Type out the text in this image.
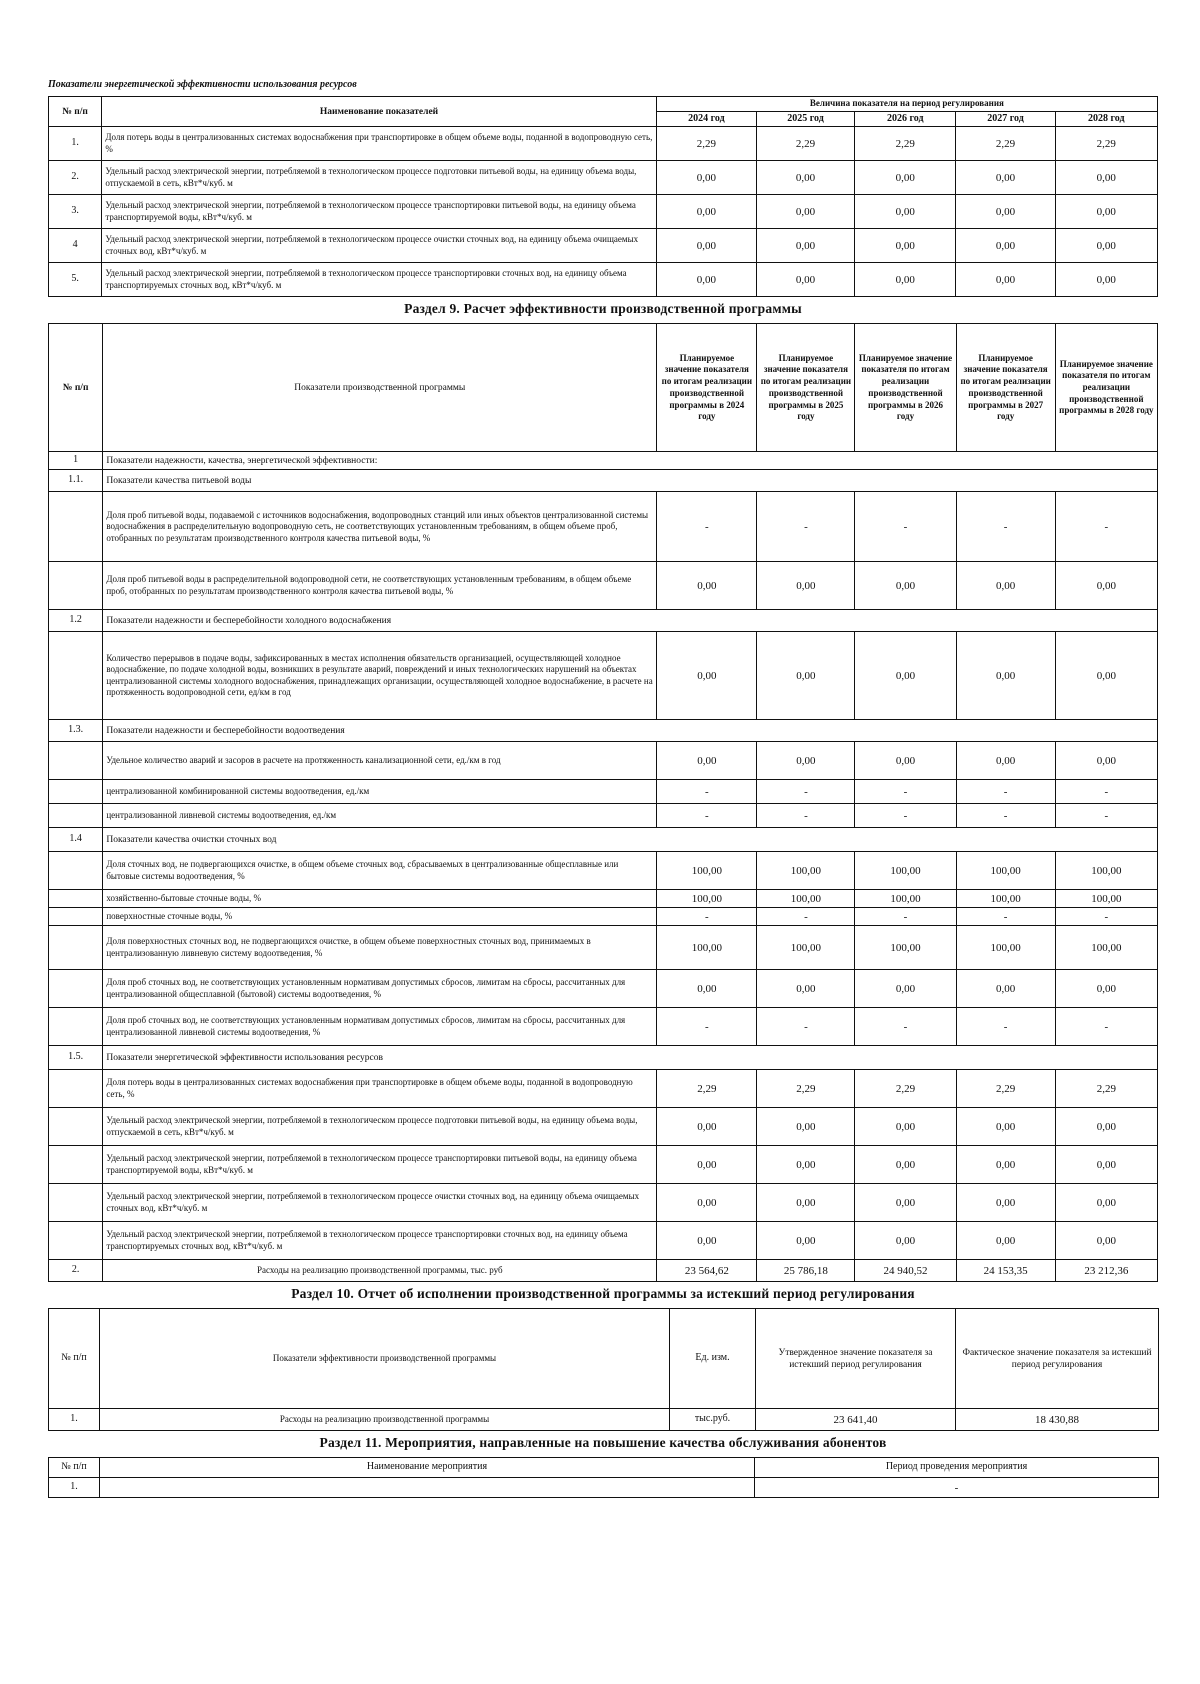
Показатели энергетической эффективности использования ресурсов
№ п/п	Наименование показателей	Величина показателя на период регулирования				
		2024 год	2025 год	2026 год	2027 год	2028 год
1.	Доля потерь воды в централизованных системах водоснабжения при транспортировке в общем объеме воды, поданной в водопроводную сеть, %	2,29	2,29	2,29	2,29	2,29
2.	Удельный расход электрической энергии, потребляемой в технологическом процессе подготовки питьевой воды, на единицу объема воды, отпускаемой в сеть, кВт*ч/куб. м	0,00	0,00	0,00	0,00	0,00
3.	Удельный расход электрической энергии, потребляемой в технологическом процессе транспортировки питьевой воды, на единицу объема транспортируемой воды, кВт*ч/куб. м	0,00	0,00	0,00	0,00	0,00
4	Удельный расход электрической энергии, потребляемой в технологическом процессе очистки сточных вод, на единицу объема очищаемых сточных вод, кВт*ч/куб. м	0,00	0,00	0,00	0,00	0,00
5.	Удельный расход электрической энергии, потребляемой в технологическом процессе транспортировки сточных вод, на единицу объема транспортируемых сточных вод, кВт*ч/куб. м	0,00	0,00	0,00	0,00	0,00
Раздел 9. Расчет эффективности производственной программы
№ п/п	Показатели производственной программы	Планируемое значение показателя по итогам реализации производственной программы в 2024 году	Планируемое значение показателя по итогам реализации производственной программы в 2025 году	Планируемое значение показателя по итогам реализации производственной программы в 2026 году	Планируемое значение показателя по итогам реализации производственной программы в 2027 году	Планируемое значение показателя по итогам реализации производственной программы в 2028 году
1	Показатели надежности, качества, энергетической эффективности:					
1.1.	Показатели качества питьевой воды					
	Доля проб питьевой воды, подаваемой с источников водоснабжения, водопроводных станций или иных объектов централизованной системы водоснабжения в распределительную водопроводную сеть, не соответствующих установленным требованиям, в общем объеме проб, отобранных по результатам производственного контроля качества питьевой воды, %	-	-	-	-	-
	Доля проб питьевой воды в распределительной водопроводной сети, не соответствующих установленным требованиям, в общем объеме проб, отобранных по результатам производственного контроля качества питьевой воды, %	0,00	0,00	0,00	0,00	0,00
1.2	Показатели надежности и бесперебойности холодного водоснабжения					
	Количество перерывов в подаче воды, зафиксированных в местах исполнения обязательств организацией, осуществляющей холодное водоснабжение, по подаче холодной воды, возникших в результате аварий, повреждений и иных технологических нарушений на объектах централизованной системы холодного водоснабжения, принадлежащих организации, осуществляющей холодное водоснабжение, в расчете на протяженность водопроводной сети, ед/км в год	0,00	0,00	0,00	0,00	0,00
1.3.	Показатели надежности и бесперебойности водоотведения					
	Удельное количество аварий и засоров в расчете на протяженность канализационной сети, ед./км в год	0,00	0,00	0,00	0,00	0,00
	централизованной комбинированной системы водоотведения, ед./км	-	-	-	-	-
	централизованной ливневой системы водоотведения, ед./км	-	-	-	-	-
1.4	Показатели качества очистки сточных вод					
	Доля сточных вод, не подвергающихся очистке, в общем объеме сточных вод, сбрасываемых в централизованные общесплавные или бытовые системы водоотведения, %	100,00	100,00	100,00	100,00	100,00
	хозяйственно-бытовые сточные воды, %	100,00	100,00	100,00	100,00	100,00
	поверхностные сточные воды, %	-	-	-	-	-
	Доля поверхностных сточных вод, не подвергающихся очистке, в общем объеме поверхностных сточных вод, принимаемых в централизованную ливневую систему водоотведения, %	100,00	100,00	100,00	100,00	100,00
	Доля проб сточных вод, не соответствующих установленным нормативам допустимых сбросов, лимитам на сбросы, рассчитанных для централизованной общесплавной (бытовой) системы водоотведения, %	0,00	0,00	0,00	0,00	0,00
	Доля проб сточных вод, не соответствующих установленным нормативам допустимых сбросов, лимитам на сбросы, рассчитанных для централизованной ливневой системы водоотведения, %	-	-	-	-	-
1.5.	Показатели энергетической эффективности использования ресурсов					
	Доля потерь воды в централизованных системах водоснабжения при транспортировке в общем объеме воды, поданной в водопроводную сеть, %	2,29	2,29	2,29	2,29	2,29
	Удельный расход электрической энергии, потребляемой в технологическом процессе подготовки питьевой воды, на единицу объема воды, отпускаемой в сеть, кВт*ч/куб. м	0,00	0,00	0,00	0,00	0,00
	Удельный расход электрической энергии, потребляемой в технологическом процессе транспортировки питьевой воды, на единицу объема транспортируемой воды, кВт*ч/куб. м	0,00	0,00	0,00	0,00	0,00
	Удельный расход электрической энергии, потребляемой в технологическом процессе очистки сточных вод, на единицу объема очищаемых сточных вод, кВт*ч/куб. м	0,00	0,00	0,00	0,00	0,00
	Удельный расход электрической энергии, потребляемой в технологическом процессе транспортировки сточных вод, на единицу объема транспортируемых сточных вод, кВт*ч/куб. м	0,00	0,00	0,00	0,00	0,00
2.	Расходы на реализацию производственной программы, тыс. руб	23 564,62	25 786,18	24 940,52	24 153,35	23 212,36
Раздел 10. Отчет об исполнении производственной программы за истекший период регулирования
№ п/п	Показатели эффективности производственной программы	Ед. изм.	Утвержденное значение показателя за истекший период регулирования	Фактическое значение показателя за истекший период регулирования
1.	Расходы на реализацию производственной программы	тыс.руб.	23 641,40	18 430,88
Раздел 11. Мероприятия, направленные на повышение качества обслуживания абонентов
№ п/п	Наименование мероприятия	Период проведения мероприятия
1.		-
